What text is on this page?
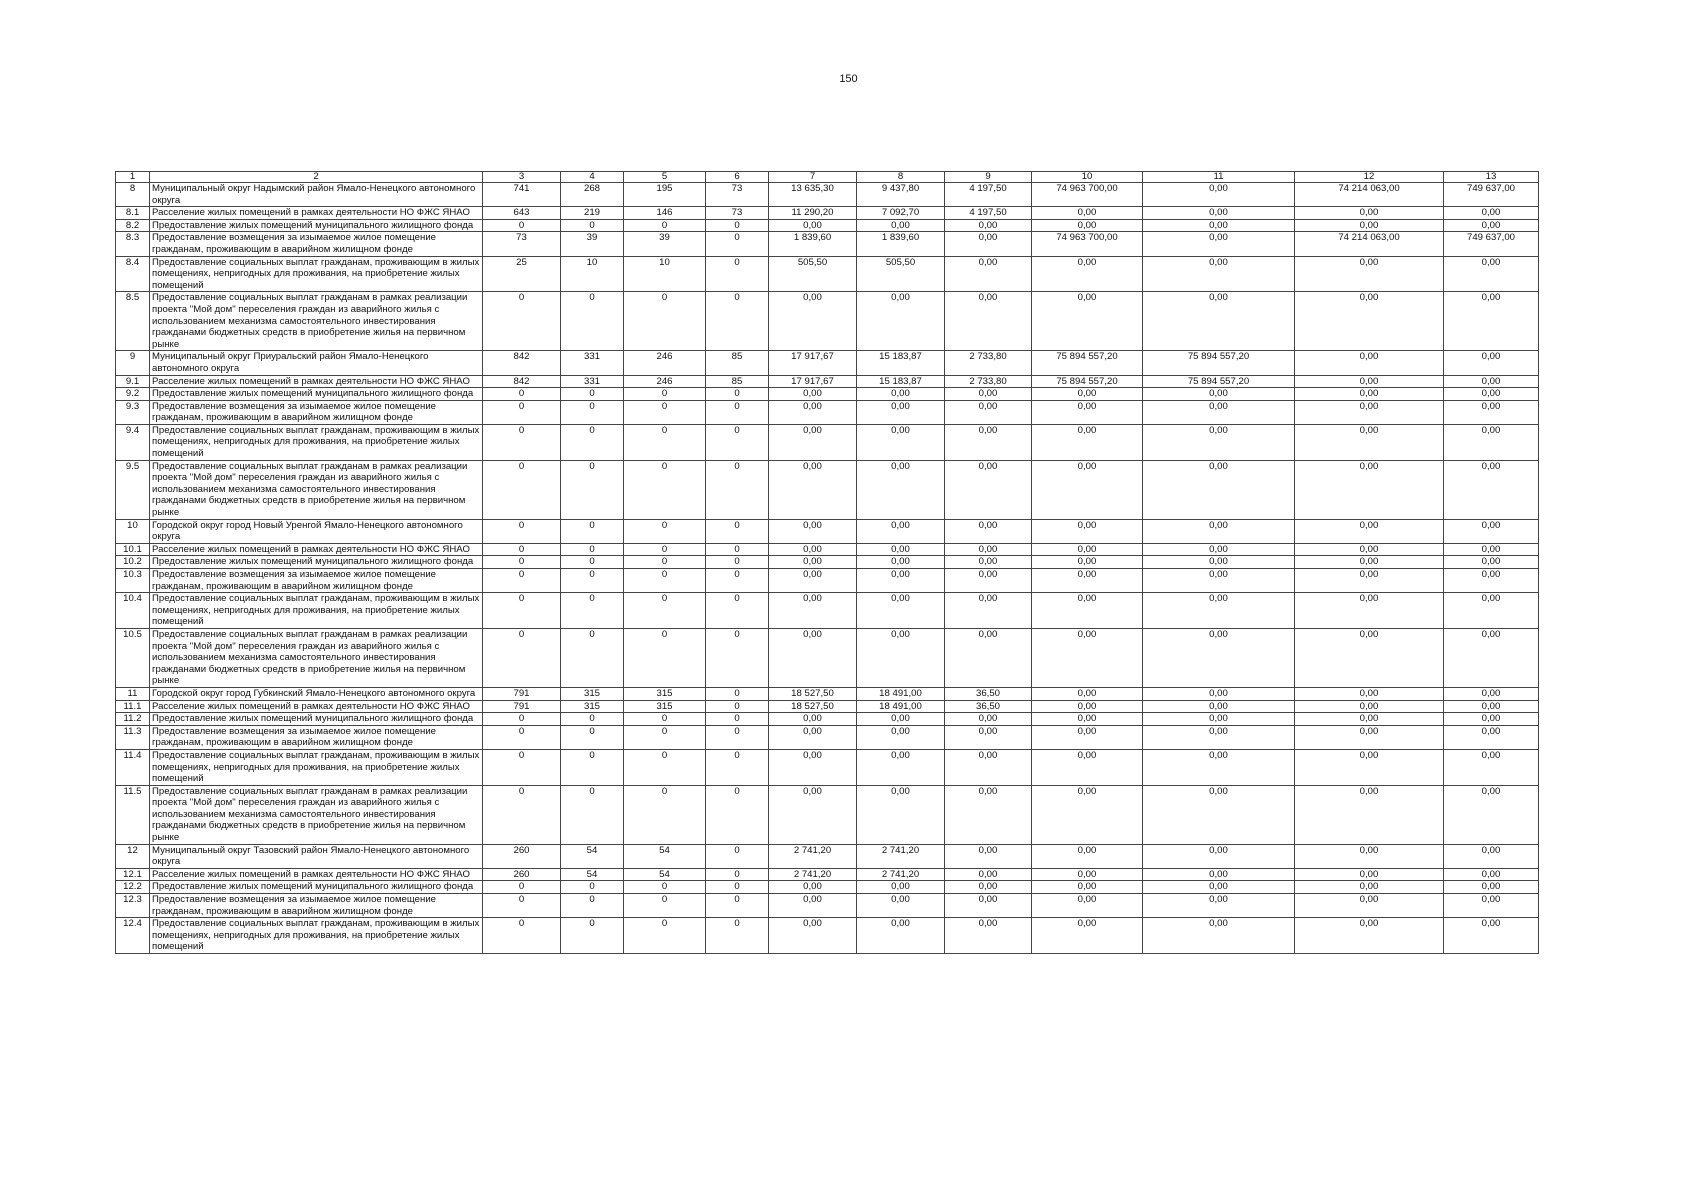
150
1	2	3	4	5	6	7	8	9	10	11	12	13
8	Муниципальный округ Надымский район Ямало-Ненецкого автономного округа	741	268	195	73	13 635,30	9 437,80	4 197,50	74 963 700,00	0,00	74 214 063,00	749 637,00
8.1	Расселение жилых помещений в рамках деятельности НО ФЖС ЯНАО	643	219	146	73	11 290,20	7 092,70	4 197,50	0,00	0,00	0,00	0,00
8.2	Предоставление жилых помещений муниципального жилищного фонда	0	0	0	0	0,00	0,00	0,00	0,00	0,00	0,00	0,00
8.3	Предоставление возмещения за изымаемое жилое помещение гражданам, проживающим в аварийном жилищном фонде	73	39	39	0	1 839,60	1 839,60	0,00	74 963 700,00	0,00	74 214 063,00	749 637,00
8.4	Предоставление социальных выплат гражданам, проживающим в жилых помещениях, непригодных для проживания, на приобретение жилых помещений	25	10	10	0	505,50	505,50	0,00	0,00	0,00	0,00	0,00
8.5	Предоставление социальных выплат гражданам в рамках реализации проекта "Мой дом" переселения граждан из аварийного жилья с использованием механизма самостоятельного инвестирования гражданами бюджетных средств в приобретение жилья на первичном рынке	0	0	0	0	0,00	0,00	0,00	0,00	0,00	0,00	0,00
9	Муниципальный округ Приуральский район Ямало-Ненецкого автономного округа	842	331	246	85	17 917,67	15 183,87	2 733,80	75 894 557,20	75 894 557,20	0,00	0,00
9.1	Расселение жилых помещений в рамках деятельности НО ФЖС ЯНАО	842	331	246	85	17 917,67	15 183,87	2 733,80	75 894 557,20	75 894 557,20	0,00	0,00
9.2	Предоставление жилых помещений муниципального жилищного фонда	0	0	0	0	0,00	0,00	0,00	0,00	0,00	0,00	0,00
9.3	Предоставление возмещения за изымаемое жилое помещение гражданам, проживающим в аварийном жилищном фонде	0	0	0	0	0,00	0,00	0,00	0,00	0,00	0,00	0,00
9.4	Предоставление социальных выплат гражданам, проживающим в жилых помещениях, непригодных для проживания, на приобретение жилых помещений	0	0	0	0	0,00	0,00	0,00	0,00	0,00	0,00	0,00
9.5	Предоставление социальных выплат гражданам в рамках реализации проекта "Мой дом" переселения граждан из аварийного жилья с использованием механизма самостоятельного инвестирования гражданами бюджетных средств в приобретение жилья на первичном рынке	0	0	0	0	0,00	0,00	0,00	0,00	0,00	0,00	0,00
10	Городской округ город Новый Уренгой Ямало-Ненецкого автономного округа	0	0	0	0	0,00	0,00	0,00	0,00	0,00	0,00	0,00
10.1	Расселение жилых помещений в рамках деятельности НО ФЖС ЯНАО	0	0	0	0	0,00	0,00	0,00	0,00	0,00	0,00	0,00
10.2	Предоставление жилых помещений муниципального жилищного фонда	0	0	0	0	0,00	0,00	0,00	0,00	0,00	0,00	0,00
10.3	Предоставление возмещения за изымаемое жилое помещение гражданам, проживающим в аварийном жилищном фонде	0	0	0	0	0,00	0,00	0,00	0,00	0,00	0,00	0,00
10.4	Предоставление социальных выплат гражданам, проживающим в жилых помещениях, непригодных для проживания, на приобретение жилых помещений	0	0	0	0	0,00	0,00	0,00	0,00	0,00	0,00	0,00
10.5	Предоставление социальных выплат гражданам в рамках реализации проекта "Мой дом" переселения граждан из аварийного жилья с использованием механизма самостоятельного инвестирования гражданами бюджетных средств в приобретение жилья на первичном рынке	0	0	0	0	0,00	0,00	0,00	0,00	0,00	0,00	0,00
11	Городской округ город Губкинский Ямало-Ненецкого автономного округа	791	315	315	0	18 527,50	18 491,00	36,50	0,00	0,00	0,00	0,00
11.1	Расселение жилых помещений в рамках деятельности НО ФЖС ЯНАО	791	315	315	0	18 527,50	18 491,00	36,50	0,00	0,00	0,00	0,00
11.2	Предоставление жилых помещений муниципального жилищного фонда	0	0	0	0	0,00	0,00	0,00	0,00	0,00	0,00	0,00
11.3	Предоставление возмещения за изымаемое жилое помещение гражданам, проживающим в аварийном жилищном фонде	0	0	0	0	0,00	0,00	0,00	0,00	0,00	0,00	0,00
11.4	Предоставление социальных выплат гражданам, проживающим в жилых помещениях, непригодных для проживания, на приобретение жилых помещений	0	0	0	0	0,00	0,00	0,00	0,00	0,00	0,00	0,00
11.5	Предоставление социальных выплат гражданам в рамках реализации проекта "Мой дом" переселения граждан из аварийного жилья с использованием механизма самостоятельного инвестирования гражданами бюджетных средств в приобретение жилья на первичном рынке	0	0	0	0	0,00	0,00	0,00	0,00	0,00	0,00	0,00
12	Муниципальный округ Тазовский район Ямало-Ненецкого автономного округа	260	54	54	0	2 741,20	2 741,20	0,00	0,00	0,00	0,00	0,00
12.1	Расселение жилых помещений в рамках деятельности НО ФЖС ЯНАО	260	54	54	0	2 741,20	2 741,20	0,00	0,00	0,00	0,00	0,00
12.2	Предоставление жилых помещений муниципального жилищного фонда	0	0	0	0	0,00	0,00	0,00	0,00	0,00	0,00	0,00
12.3	Предоставление возмещения за изымаемое жилое помещение гражданам, проживающим в аварийном жилищном фонде	0	0	0	0	0,00	0,00	0,00	0,00	0,00	0,00	0,00
12.4	Предоставление социальных выплат гражданам, проживающим в жилых помещениях, непригодных для проживания, на приобретение жилых помещений	0	0	0	0	0,00	0,00	0,00	0,00	0,00	0,00	0,00
